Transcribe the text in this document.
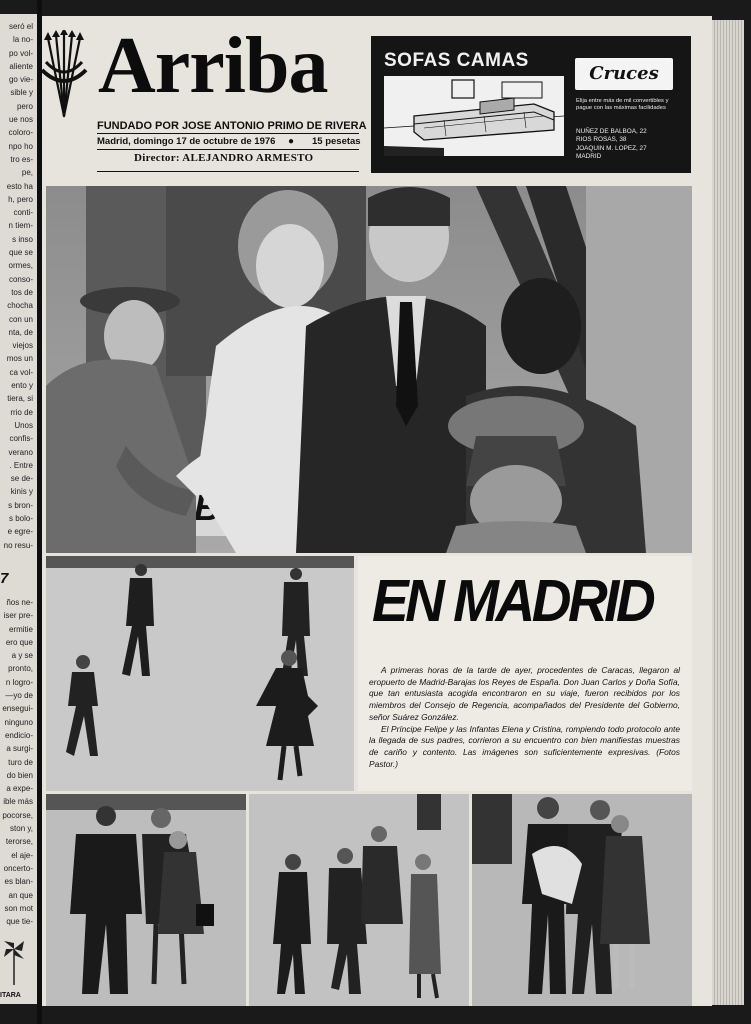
seró el
la no-
po vol-
aliente
go vie-
sible y
pero
ue nos
coloro-
npo ho
tro es-
pe,
esto ha
h, pero
conti-
n tiem-
s inso
que se
ormes,
conso-
tos de
chocha
con un
nta, de
viejos
mos un
ca vol-
ento y
tiera, si
rrio de
Unos
confis-
verano
. Entre
se de-
kinis y
s bron-
s bolo-
e egre-
no resu-
7
ños ne-
iser pre-
ermitie
ero que
a y se
pronto,
n logro-
—yo de
ensegui-
ninguno
endicio-
a surgi-
turo de
do bien
a expe-
ible más
pocorse,
ston y,
terorse,
el aje-
oncerto-
es blan-
an que
son mot
que tie-
ITARA
Arriba
FUNDADO POR JOSE ANTONIO PRIMO DE RIVERA
Madrid, domingo 17 de octubre de 1976 ● 15 pesetas
Director: ALEJANDRO ARMESTO
SOFAS CAMAS
Cruces
Elija entre más de mil convertibles y pague con las máximas facilidades
NUÑEZ DE BALBOA, 22
RIOS ROSAS, 38
JOAQUIN M. LOPEZ, 27
MADRID
EN MADRID

A primeras horas de la tarde de ayer, procedentes de Caracas, llegaron al eropuerto de Madrid-Barajas los Reyes de España. Don Juan Carlos y Doña Sofía, que tan entusiasta acogida encontraron en su viaje, fueron recibidos por los miembros del Consejo de Regencia, acompañados del Presidente del Gobierno, señor Suárez González.

El Príncipe Felipe y las Infantas Elena y Cristina, rompiendo todo protocolo ante la llegada de sus padres, corrieron a su encuentro con bien manifiestas muestras de cariño y contento. Las imágenes son suficientemente expresivas. (Fotos Pastor.)
